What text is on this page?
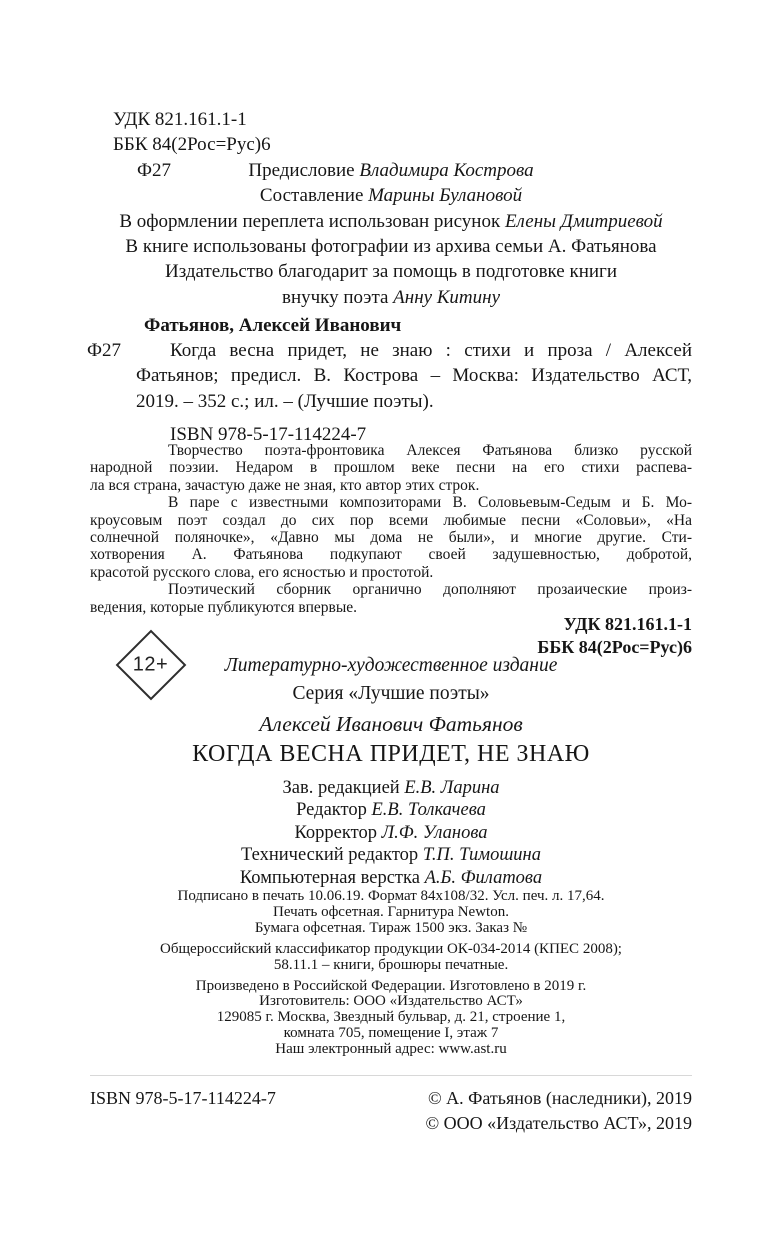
УДК 821.161.1-1
ББК 84(2Рос=Рус)6
Ф27	Предисловие Владимира Кострова
Составление Марины Булановой
В оформлении переплета использован рисунок Елены Дмитриевой
В книге использованы фотографии из архива семьи А. Фатьянова
Издательство благодарит за помощь в подготовке книги
внучку поэта Анну Китину
Фатьянов, Алексей Иванович
Ф27	Когда весна придет, не знаю : стихи и проза / Алексей
Фатьянов; предисл. В. Кострова – Москва: Издательство АСТ,
2019. – 352 с.; ил. – (Лучшие поэты).
ISBN 978-5-17-114224-7
Творчество поэта-фронтовика Алексея Фатьянова близко русской
народной поэзии. Недаром в прошлом веке песни на его стихи распева-
ла вся страна, зачастую даже не зная, кто автор этих строк.
В паре с известными композиторами В. Соловьевым-Седым и Б. Мо-
кроусовым поэт создал до сих пор всеми любимые песни «Соловьи», «На
солнечной поляночке», «Давно мы дома не были», и многие другие. Сти-
хотворения А. Фатьянова подкупают своей задушевностью, добротой,
красотой русского слова, его ясностью и простотой.
Поэтический сборник органично дополняют прозаические произ-
ведения, которые публикуются впервые.
УДК 821.161.1-1
ББК 84(2Рос=Рус)6
12+	Литературно-художественное издание
Серия «Лучшие поэты»
Алексей Иванович Фатьянов
КОГДА ВЕСНА ПРИДЕТ, НЕ ЗНАЮ
Зав. редакцией Е.В. Ларина
Редактор Е.В. Толкачева
Корректор Л.Ф. Уланова
Технический редактор Т.П. Тимошина
Компьютерная верстка А.Б. Филатова
Подписано в печать 10.06.19. Формат 84х108/32. Усл. печ. л. 17,64.
Печать офсетная. Гарнитура Newton.
Бумага офсетная. Тираж 1500 экз. Заказ №
Общероссийский классификатор продукции ОК-034-2014 (КПЕС 2008);
58.11.1 – книги, брошюры печатные.
Произведено в Российской Федерации. Изготовлено в 2019 г.
Изготовитель: ООО «Издательство АСТ»
129085 г. Москва, Звездный бульвар, д. 21, строение 1,
комната 705, помещение I, этаж 7
Наш электронный адрес: www.ast.ru
ISBN 978-5-17-114224-7	© А. Фатьянов (наследники), 2019
© ООО «Издательство АСТ», 2019
